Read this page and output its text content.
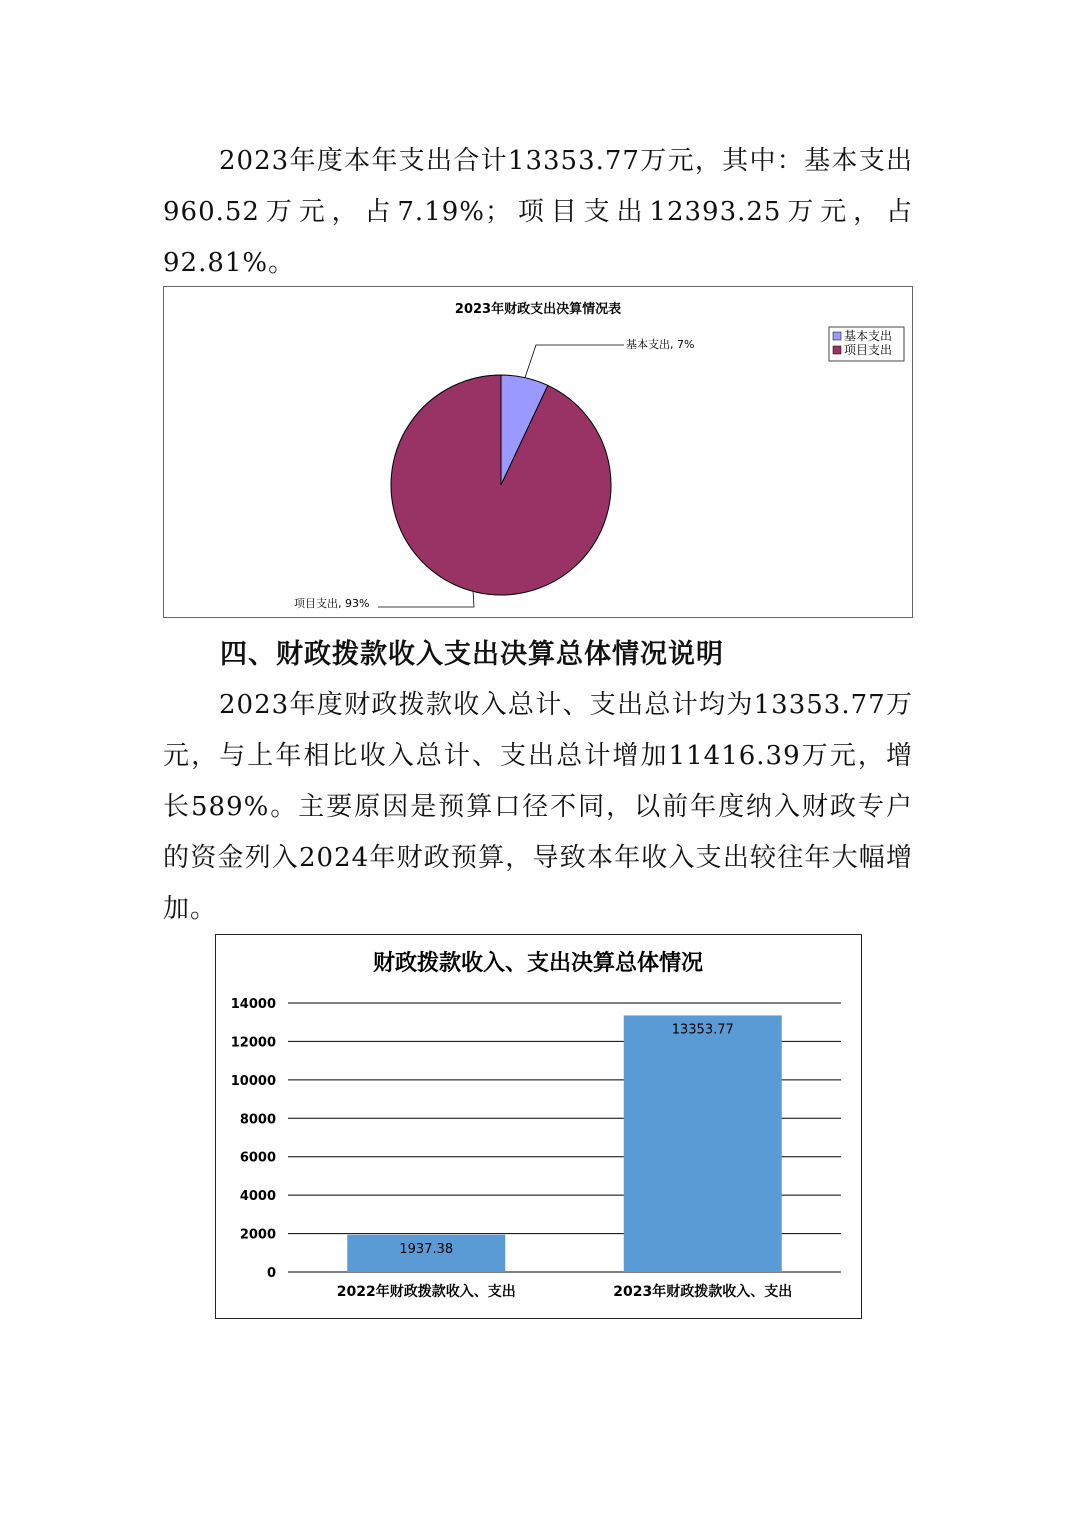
2023年度本年支出合计13353.77万元，其中：基本支出960.52万元，占7.19%；项目支出12393.25万元，占92.81%。

2023年财政支出决算情况表
基本支出, 7%
项目支出, 93%
基本支出
项目支出

四、财政拨款收入支出决算总体情况说明

2023年度财政拨款收入总计、支出总计均为13353.77万元，与上年相比收入总计、支出总计增加11416.39万元，增长589%。主要原因是预算口径不同，以前年度纳入财政专户的资金列入2024年财政预算，导致本年收入支出较往年大幅增加。

财政拨款收入、支出决算总体情况
0
2000
4000
6000
8000
10000
12000
14000
1937.38
13353.77
2022年财政拨款收入、支出	2023年财政拨款收入、支出
